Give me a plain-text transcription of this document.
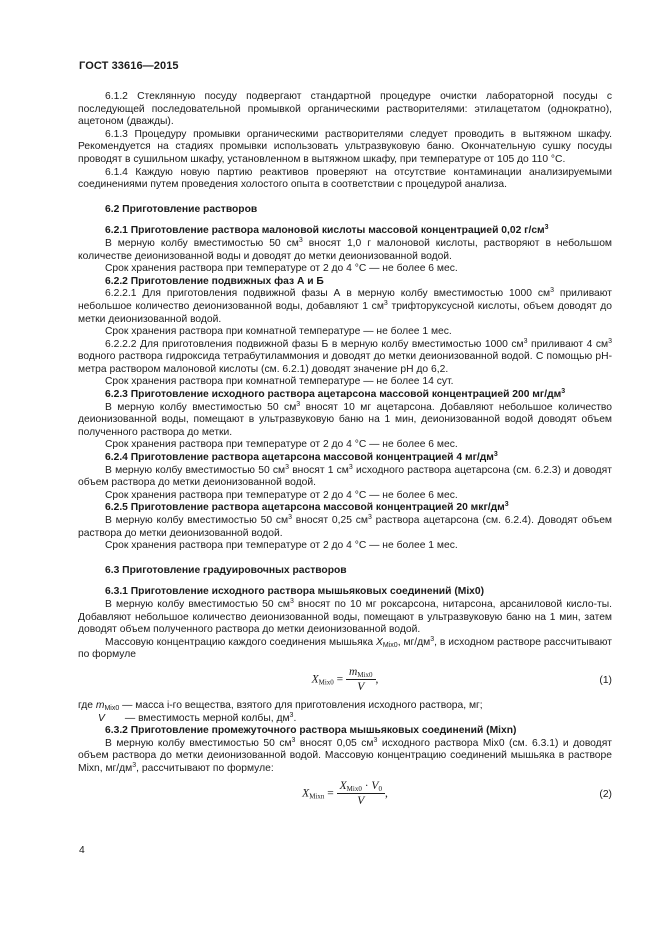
ГОСТ 33616—2015

6.1.2 Стеклянную посуду подвергают стандартной процедуре очистки лабораторной посуды с последующей последовательной промывкой органическими растворителями: этилацетатом (однократно), ацетоном (дважды).

6.1.3 Процедуру промывки органическими растворителями следует проводить в вытяжном шкафу. Рекомендуется на стадиях промывки использовать ультразвуковую баню. Окончательную сушку посуды проводят в сушильном шкафу, установленном в вытяжном шкафу, при температуре от 105 до 110 °C.

6.1.4 Каждую новую партию реактивов проверяют на отсутствие контаминации анализируемыми соединениями путем проведения холостого опыта в соответствии с процедурой анализа.

6.2 Приготовление растворов

6.2.1 Приготовление раствора малоновой кислоты массовой концентрацией 0,02 $г/см^3$

В мерную колбу вместимостью 50 $см^3$ вносят 1,0 г малоновой кислоты, растворяют в небольшом количестве деионизованной воды и доводят до метки деионизованной водой.

Срок хранения раствора при температуре от 2 до 4 °C — не более 6 мес.

6.2.2 Приготовление подвижных фаз А и Б

6.2.2.1 Для приготовления подвижной фазы А в мерную колбу вместимостью 1000 $см^3$ приливают небольшое количество деионизованной воды, добавляют 1 $см^3$ трифторуксусной кислоты, объем доводят до метки деионизованной водой.

Срок хранения раствора при комнатной температуре — не более 1 мес.

6.2.2.2 Для приготовления подвижной фазы Б в мерную колбу вместимостью 1000 $см^3$ приливают 4 $см^3$ водного раствора гидроксида тетрабутиламмония и доводят до метки деионизованной водой. С помощью pH-метра раствором малоновой кислоты (см. 6.2.1) доводят значение pH до 6,2.

Срок хранения раствора при комнатной температуре — не более 14 сут.

6.2.3 Приготовление исходного раствора ацетарсона массовой концентрацией 200 $мг/дм^3$

В мерную колбу вместимостью 50 $см^3$ вносят 10 мг ацетарсона. Добавляют небольшое количество деионизованной воды, помещают в ультразвуковую баню на 1 мин, деионизованной водой доводят объем полученного раствора до метки.

Срок хранения раствора при температуре от 2 до 4 °C — не более 6 мес.

6.2.4 Приготовление раствора ацетарсона массовой концентрацией 4 $мг/дм^3$

В мерную колбу вместимостью 50 $см^3$ вносят 1 $см^3$ исходного раствора ацетарсона (см. 6.2.3) и доводят объем раствора до метки деионизованной водой.

Срок хранения раствора при температуре от 2 до 4 °C — не более 6 мес.

6.2.5 Приготовление раствора ацетарсона массовой концентрацией 20 мкг/$дм^3$

В мерную колбу вместимостью 50 $см^3$ вносят 0,25 $см^3$ раствора ацетарсона (см. 6.2.4). Доводят объем раствора до метки деионизованной водой.

Срок хранения раствора при температуре от 2 до 4 °C — не более 1 мес.

6.3 Приготовление градуировочных растворов

6.3.1 Приготовление исходного раствора мышьяковых соединений (Mix0)

В мерную колбу вместимостью 50 $см^3$ вносят по 10 мг роксарсона, нитарсона, арсаниловой кисло-ты. Добавляют небольшое количество деионизованной воды, помещают в ультразвуковую баню на 1 мин, затем доводят объем полученного раствора до метки деионизованной водой.

Массовую концентрацию каждого соединения мышьяка $X_{Mix0}$, $мг/дм^3$, в исходном растворе рассчитывают по формуле

$X_{Mix0} = \frac{m_{Mix0}}{V}$ ,	(1)

где $m_{Mix0}$ — масса i-го вещества, взятого для приготовления исходного раствора, мг;

V       — вместимость мерной колбы, $дм^3$.

6.3.2 Приготовление промежуточного раствора мышьяковых соединений (Mixn)

В мерную колбу вместимостью 50 $см^3$ вносят 0,05 $см^3$ исходного раствора Mix0 (см. 6.3.1) и доводят объем раствора до метки деионизованной водой. Массовую концентрацию соединений мышьяка в растворе Mixn, $мг/дм^3$, рассчитывают по формуле:

$X_{Mixn} = \frac{X_{Mix0} \cdot V_0}{V}$ ,	(2)
4
